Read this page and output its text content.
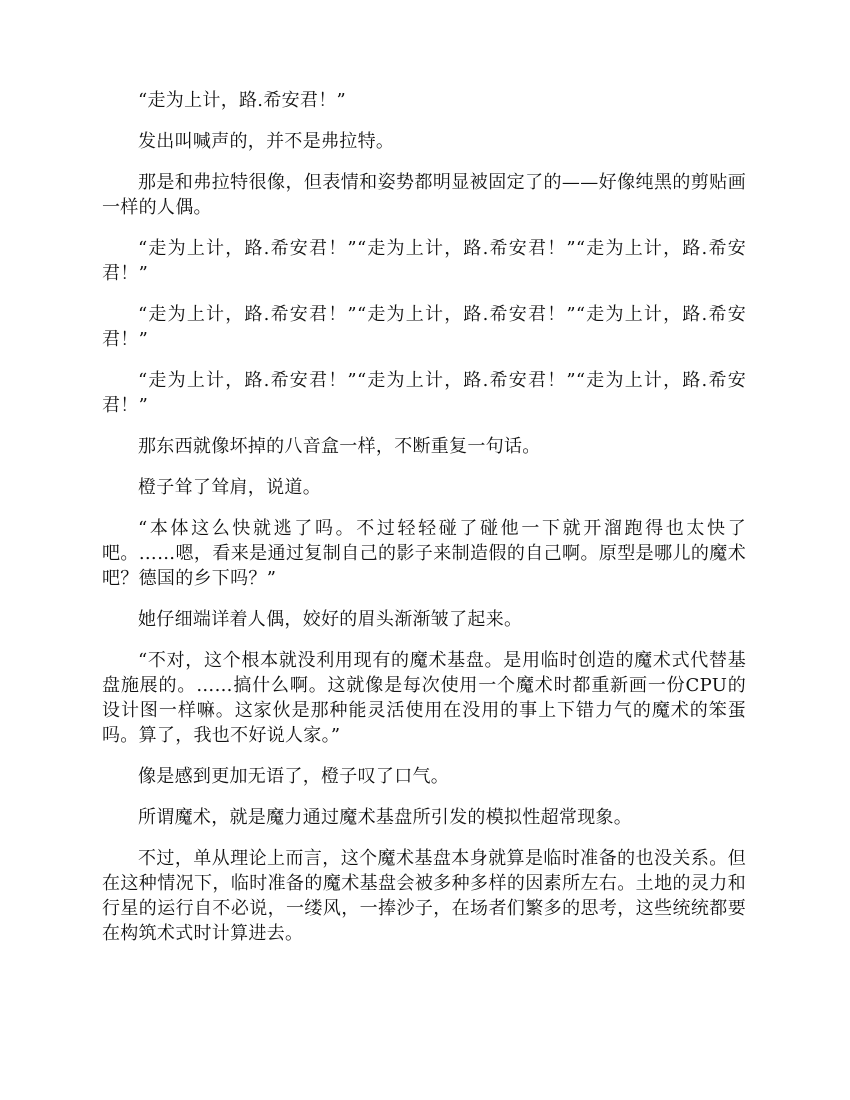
“走为上计，路.希安君！”

发出叫喊声的，并不是弗拉特。

那是和弗拉特很像，但表情和姿势都明显被固定了的——好像纯黑的剪贴画一样的人偶。

“走为上计，路.希安君！”“走为上计，路.希安君！”“走为上计，路.希安君！”

“走为上计，路.希安君！”“走为上计，路.希安君！”“走为上计，路.希安君！”

“走为上计，路.希安君！”“走为上计，路.希安君！”“走为上计，路.希安君！”

那东西就像坏掉的八音盒一样，不断重复一句话。

橙子耸了耸肩，说道。

“本体这么快就逃了吗。不过轻轻碰了碰他一下就开溜跑得也太快了吧。……嗯，看来是通过复制自己的影子来制造假的自己啊。原型是哪儿的魔术吧？德国的乡下吗？”

她仔细端详着人偶，姣好的眉头渐渐皱了起来。

“不对，这个根本就没利用现有的魔术基盘。是用临时创造的魔术式代替基盘施展的。……搞什么啊。这就像是每次使用一个魔术时都重新画一份CPU的设计图一样嘛。这家伙是那种能灵活使用在没用的事上下错力气的魔术的笨蛋吗。算了，我也不好说人家。”

像是感到更加无语了，橙子叹了口气。

所谓魔术，就是魔力通过魔术基盘所引发的模拟性超常现象。

不过，单从理论上而言，这个魔术基盘本身就算是临时准备的也没关系。但在这种情况下，临时准备的魔术基盘会被多种多样的因素所左右。土地的灵力和行星的运行自不必说，一缕风，一捧沙子，在场者们繁多的思考，这些统统都要在构筑术式时计算进去。
